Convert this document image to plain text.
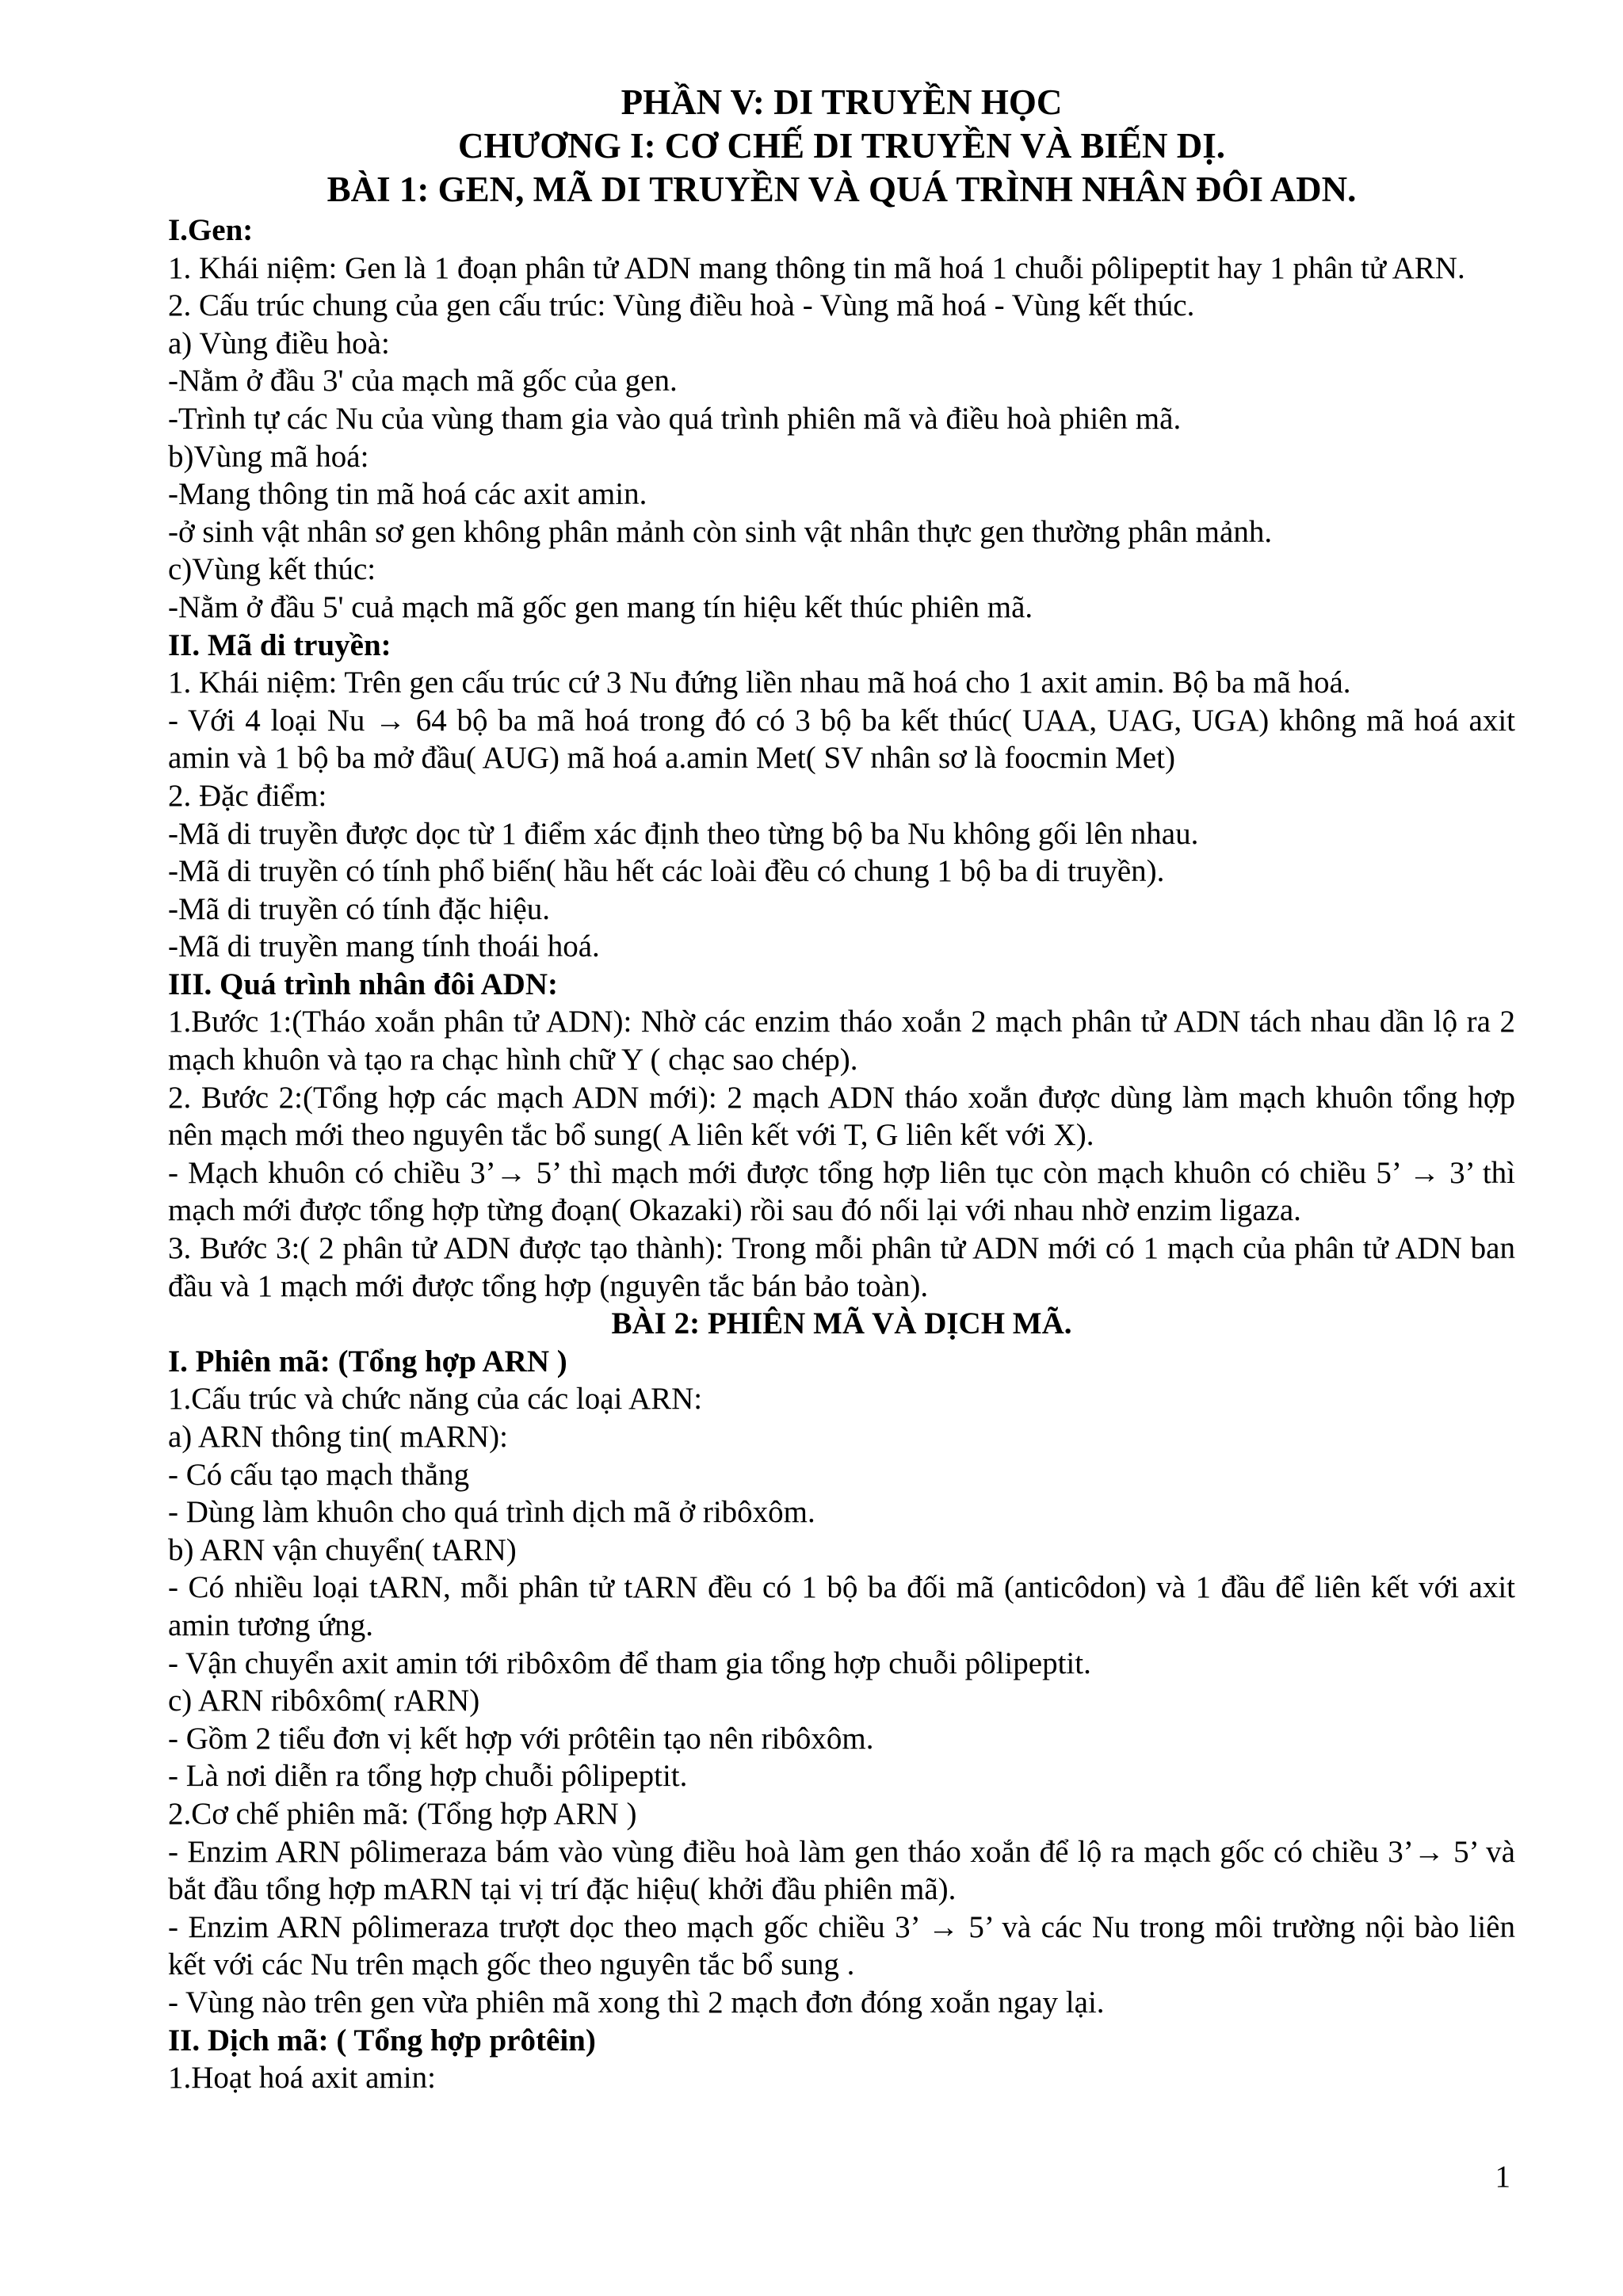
PHẦN V: DI TRUYỀN HỌC
CHƯƠNG I: CƠ CHẾ DI TRUYỀN VÀ BIẾN DỊ.
BÀI 1: GEN, MÃ DI TRUYỀN VÀ QUÁ TRÌNH NHÂN ĐÔI ADN.

I.Gen:

1. Khái niệm: Gen là 1 đoạn phân tử ADN mang thông tin mã hoá 1 chuỗi pôlipeptit hay 1 phân tử ARN.

2. Cấu trúc chung của gen cấu trúc: Vùng điều hoà - Vùng mã hoá - Vùng kết thúc.

a) Vùng điều hoà:

-Nằm ở đầu 3' của mạch mã gốc của gen.

-Trình tự các Nu của vùng tham gia vào quá trình phiên mã và điều hoà phiên mã.

b)Vùng mã hoá:

-Mang thông tin mã hoá các axit amin.

-ở sinh vật nhân sơ gen không phân mảnh còn sinh vật nhân thực gen thường phân mảnh.

c)Vùng kết thúc:

-Nằm ở đầu 5' cuả mạch mã gốc gen mang tín hiệu kết thúc phiên mã.

II. Mã di truyền:

1. Khái niệm: Trên gen cấu trúc cứ 3 Nu đứng liền nhau mã hoá cho 1 axit amin. Bộ ba mã hoá.

- Với 4 loại Nu → 64 bộ ba mã hoá trong đó có 3 bộ ba kết thúc( UAA, UAG, UGA) không mã hoá axit amin và 1 bộ ba mở đầu( AUG) mã hoá a.amin Met( SV nhân sơ là foocmin Met)

2. Đặc điểm:

-Mã di truyền được dọc từ 1 điểm xác định theo từng bộ ba Nu không gối lên nhau.

-Mã di truyền có tính phổ biến( hầu hết các loài đều có chung 1 bộ ba di truyền).

-Mã di truyền có tính đặc hiệu.

-Mã di truyền mang tính thoái hoá.

III. Quá trình nhân đôi ADN:

1.Bước 1:(Tháo xoắn phân tử ADN): Nhờ các enzim tháo xoắn 2 mạch phân tử ADN tách nhau dần lộ ra 2 mạch khuôn và tạo ra chạc hình chữ Y ( chạc sao chép).

2. Bước 2:(Tổng hợp các mạch ADN mới): 2 mạch ADN tháo xoắn được dùng làm mạch khuôn tổng hợp nên mạch mới theo nguyên tắc bổ sung( A liên kết với T, G liên kết với X).

- Mạch khuôn có chiều 3’→ 5’ thì mạch mới được tổng hợp liên tục còn mạch khuôn có chiều 5’ → 3’ thì mạch mới được tổng hợp từng đoạn( Okazaki) rồi sau đó nối lại với nhau nhờ enzim ligaza.

3. Bước 3:( 2 phân tử ADN được tạo thành): Trong mỗi phân tử ADN mới có 1 mạch của phân tử ADN ban đầu và 1 mạch mới được tổng hợp (nguyên tắc bán bảo toàn).

BÀI 2: PHIÊN MÃ VÀ DỊCH MÃ.

I. Phiên mã: (Tổng hợp ARN )

1.Cấu trúc và chức năng của các loại ARN:

a) ARN thông tin( mARN):

- Có cấu tạo mạch thẳng

- Dùng làm khuôn cho quá trình dịch mã ở ribôxôm.

b) ARN vận chuyển( tARN)

- Có nhiều loại tARN, mỗi phân tử tARN đều có 1 bộ ba đối mã (anticôdon) và 1 đầu để liên kết với axit amin tương ứng.

- Vận chuyển axit amin tới ribôxôm để tham gia tổng hợp chuỗi pôlipeptit.

c) ARN ribôxôm( rARN)

- Gồm 2 tiểu đơn vị kết hợp với prôtêin tạo nên ribôxôm.

- Là nơi diễn ra tổng hợp chuỗi pôlipeptit.

2.Cơ chế phiên mã: (Tổng hợp ARN )

- Enzim ARN pôlimeraza bám vào vùng điều hoà làm gen tháo xoắn để lộ ra mạch gốc có chiều 3’→ 5’ và bắt đầu tổng hợp mARN tại vị trí đặc hiệu( khởi đầu phiên mã).

- Enzim ARN pôlimeraza trượt dọc theo mạch gốc chiều 3’ → 5’ và các Nu trong môi trường nội bào liên kết với các Nu trên mạch gốc theo nguyên tắc bổ sung .

- Vùng nào trên gen vừa phiên mã xong thì 2 mạch đơn đóng xoắn ngay lại.

II. Dịch mã: ( Tổng hợp prôtêin)

1.Hoạt hoá axit amin:

1
